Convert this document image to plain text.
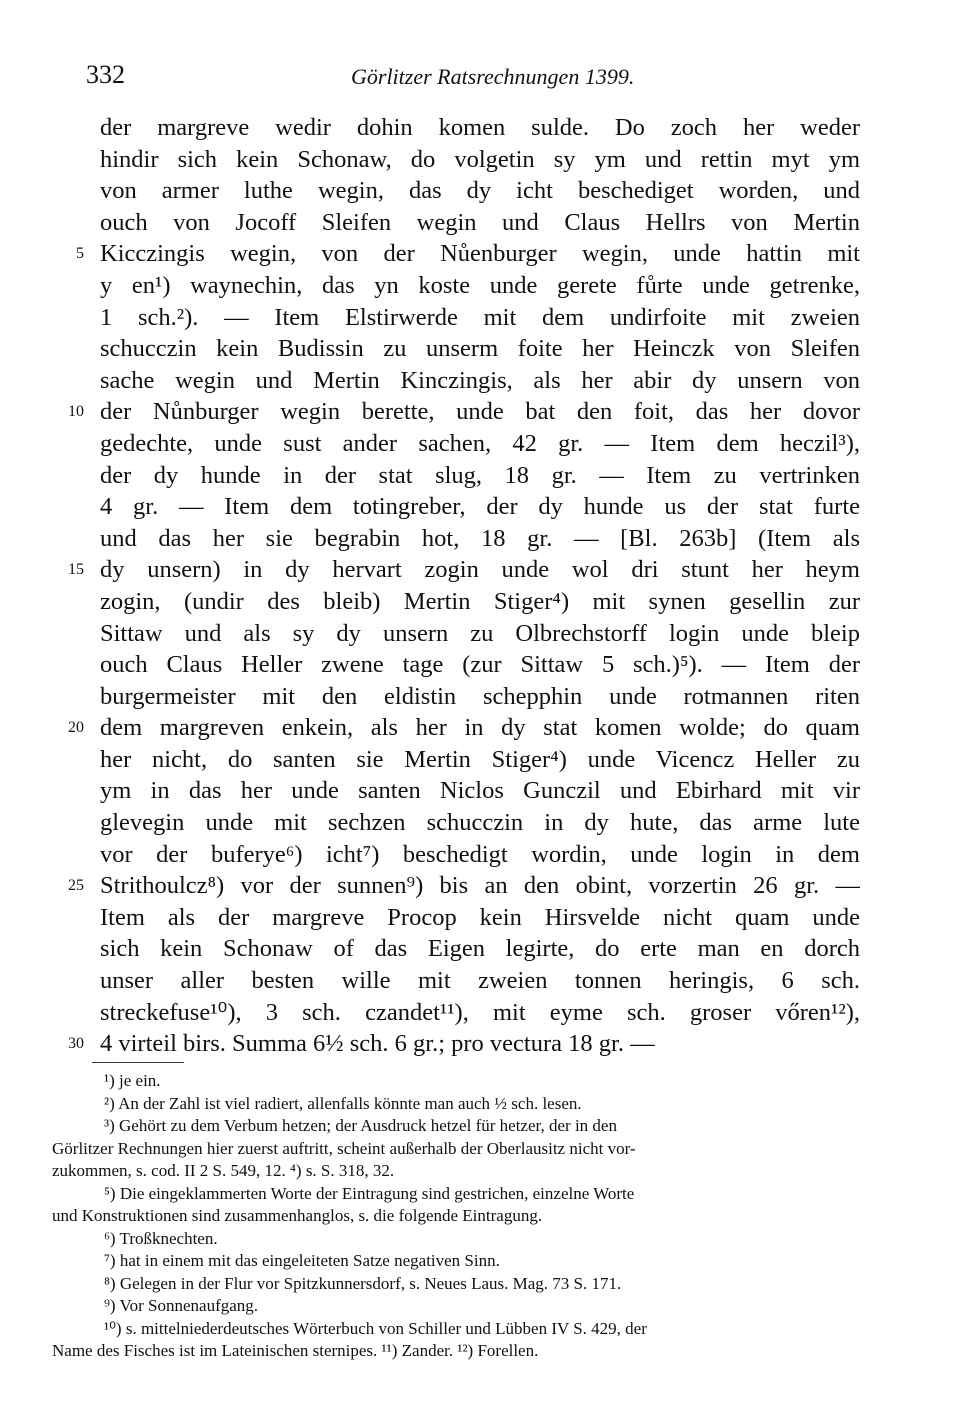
332	Görlitzer Ratsrechnungen 1399.
der margreve wedir dohin komen sulde. Do zoch her weder
hindir sich kein Schonaw, do volgetin sy ym und rettin myt ym
von armer luthe wegin, das dy icht beschediget worden, und
ouch von Jocoff Sleifen wegin und Claus Hellrs von Mertin
5 Kicczingis wegin, von der Nůenburger wegin, unde hattin mit
y en¹) waynechin, das yn koste unde gerete fůrte unde getrenke,
1 sch.²). — Item Elstirwerde mit dem undirfoite mit zweien
schucczin kein Budissin zu unserm foite her Heinczk von Sleifen
sache wegin und Mertin Kinczingis, als her abir dy unsern von
10 der Nůnburger wegin berette, unde bat den foit, das her dovor
gedechte, unde sust ander sachen, 42 gr. — Item dem heczil³),
der dy hunde in der stat slug, 18 gr. — Item zu vertrinken
4 gr. — Item dem totingreber, der dy hunde us der stat furte
und das her sie begrabin hot, 18 gr. — [Bl. 263b] (Item als
15 dy unsern) in dy hervart zogin unde wol dri stunt her heym
zogin, (undir des bleib) Mertin Stiger⁴) mit synen gesellin zur
Sittaw und als sy dy unsern zu Olbrechstorff login unde bleip
ouch Claus Heller zwene tage (zur Sittaw 5 sch.)⁵). — Item der
burgermeister mit den eldistin schepphin unde rotmannen riten
20 dem margreven enkein, als her in dy stat komen wolde; do quam
her nicht, do santen sie Mertin Stiger⁴) unde Vicencz Heller zu
ym in das her unde santen Niclos Gunczil und Ebirhard mit vir
glevegin unde mit sechzen schucczin in dy hute, das arme lute
vor der buferye⁶) icht⁷) beschedigt wordin, unde login in dem
25 Strithoulcz⁸) vor der sunnen⁹) bis an den obint, vorzertin 26 gr. —
Item als der margreve Procop kein Hirsvelde nicht quam unde
sich kein Schonaw of das Eigen legirte, do erte man en dorch
unser aller besten wille mit zweien tonnen heringis, 6 sch.
streckefuse¹⁰), 3 sch. czandet¹¹), mit eyme sch. groser vőren¹²),
30 4 virteil birs. Summa 6½ sch. 6 gr.; pro vectura 18 gr. —
¹) je ein.
²) An der Zahl ist viel radiert, allenfalls könnte man auch ½ sch. lesen.
³) Gehört zu dem Verbum hetzen; der Ausdruck hetzel für hetzer, der in den
Görlitzer Rechnungen hier zuerst auftritt, scheint außerhalb der Oberlausitz nicht vor-
zukommen, s. cod. II 2 S. 549, 12. ⁴) s. S. 318, 32.
⁵) Die eingeklammerten Worte der Eintragung sind gestrichen, einzelne Worte
und Konstruktionen sind zusammenhanglos, s. die folgende Eintragung.
⁶) Troßknechten.
⁷) hat in einem mit das eingeleiteten Satze negativen Sinn.
⁸) Gelegen in der Flur vor Spitzkunnersdorf, s. Neues Laus. Mag. 73 S. 171.
⁹) Vor Sonnenaufgang.
¹⁰) s. mittelniederdeutsches Wörterbuch von Schiller und Lübben IV S. 429, der
Name des Fisches ist im Lateinischen sternipes. ¹¹) Zander. ¹²) Forellen.
